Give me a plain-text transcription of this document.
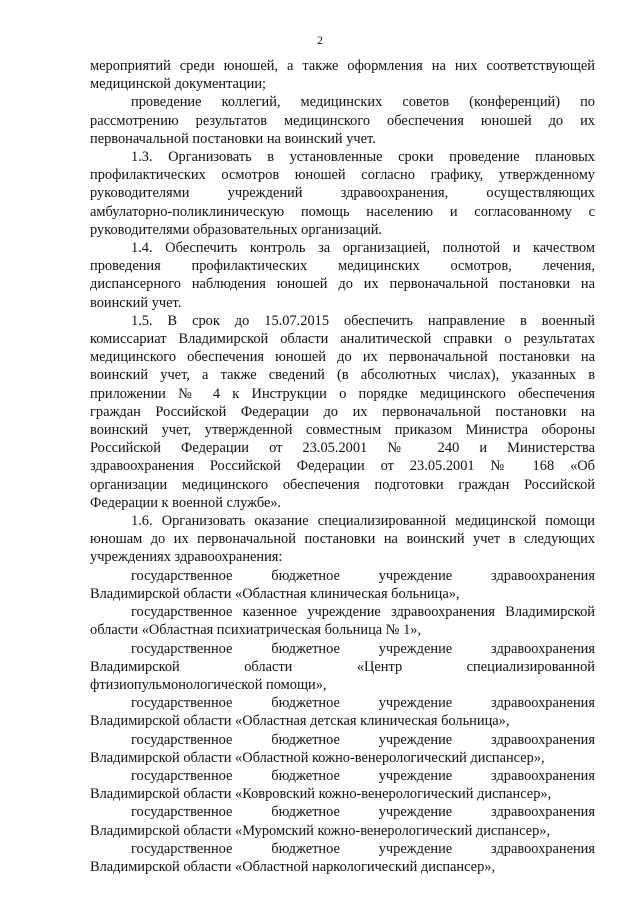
2

мероприятий среди юношей, а также оформления на них соответствующей
медицинской документации;

проведение коллегий, медицинских советов (конференций) по
рассмотрению результатов медицинского обеспечения юношей до их
первоначальной постановки на воинский учет.

1.3. Организовать в установленные сроки проведение плановых
профилактических осмотров юношей согласно графику, утвержденному
руководителями учреждений здравоохранения, осуществляющих
амбулаторно-поликлиническую помощь населению и согласованному с
руководителями образовательных организаций.

1.4. Обеспечить контроль за организацией, полнотой и качеством
проведения профилактических медицинских осмотров, лечения,
диспансерного наблюдения юношей до их первоначальной постановки на
воинский учет.

1.5. В срок до 15.07.2015 обеспечить направление в военный
комиссариат Владимирской области аналитической справки о результатах
медицинского обеспечения юношей до их первоначальной постановки на
воинский учет, а также сведений (в абсолютных числах), указанных в
приложении № 4 к Инструкции о порядке медицинского обеспечения
граждан Российской Федерации до их первоначальной постановки на
воинский учет, утвержденной совместным приказом Министра обороны
Российской Федерации от 23.05.2001 № 240 и Министерства
здравоохранения Российской Федерации от 23.05.2001 № 168 «Об
организации медицинского обеспечения подготовки граждан Российской
Федерации к военной службе».

1.6. Организовать оказание специализированной медицинской помощи
юношам до их первоначальной постановки на воинский учет в следующих
учреждениях здравоохранения:

государственное бюджетное учреждение здравоохранения
Владимирской области «Областная клиническая больница»,

государственное казенное учреждение здравоохранения Владимирской
области «Областная психиатрическая больница № 1»,

государственное бюджетное учреждение здравоохранения
Владимирской области «Центр специализированной
фтизиопульмонологической помощи»,

государственное бюджетное учреждение здравоохранения
Владимирской области «Областная детская клиническая больница»,

государственное бюджетное учреждение здравоохранения
Владимирской области «Областной кожно-венерологический диспансер»,

государственное бюджетное учреждение здравоохранения
Владимирской области «Ковровский кожно-венерологический диспансер»,

государственное бюджетное учреждение здравоохранения
Владимирской области «Муромский кожно-венерологический диспансер»,

государственное бюджетное учреждение здравоохранения
Владимирской области «Областной наркологический диспансер»,
